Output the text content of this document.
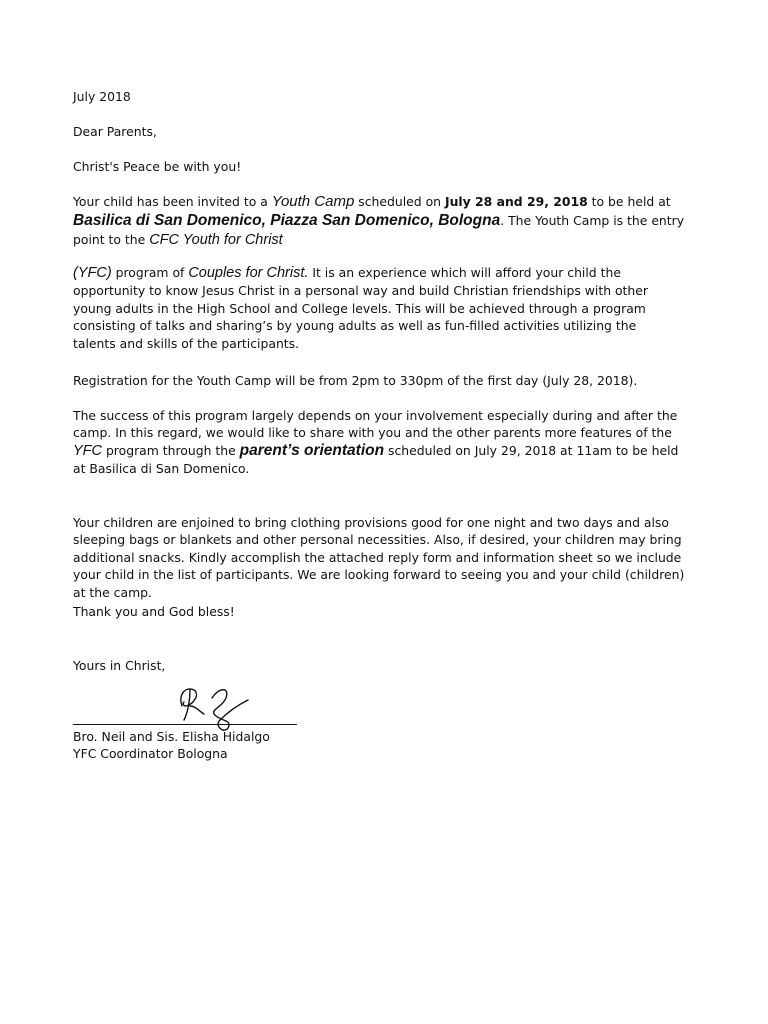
July 2018

Dear Parents,

Christ's Peace be with you!

Your child has been invited to a Youth Camp scheduled on July 28 and 29, 2018 to be held at Basilica di San Domenico, Piazza San Domenico, Bologna. The Youth Camp is the entry point to the CFC Youth for Christ

(YFC) program of Couples for Christ. It is an experience which will afford your child the opportunity to know Jesus Christ in a personal way and build Christian friendships with other young adults in the High School and College levels. This will be achieved through a program consisting of talks and sharing’s by young adults as well as fun-filled activities utilizing the talents and skills of the participants.

Registration for the Youth Camp will be from 2pm to 330pm of the first day (July 28, 2018).

The success of this program largely depends on your involvement especially during and after the camp. In this regard, we would like to share with you and the other parents more features of the YFC program through the parent’s orientation scheduled on July 29, 2018 at 11am to be held at Basilica di San Domenico.

Your children are enjoined to bring clothing provisions good for one night and two days and also sleeping bags or blankets and other personal necessities. Also, if desired, your children may bring additional snacks. Kindly accomplish the attached reply form and information sheet so we include your child in the list of participants. We are looking forward to seeing you and your child (children) at the camp.

Thank you and God bless!

Yours in Christ,

Bro. Neil and Sis. Elisha Hidalgo

YFC Coordinator Bologna
